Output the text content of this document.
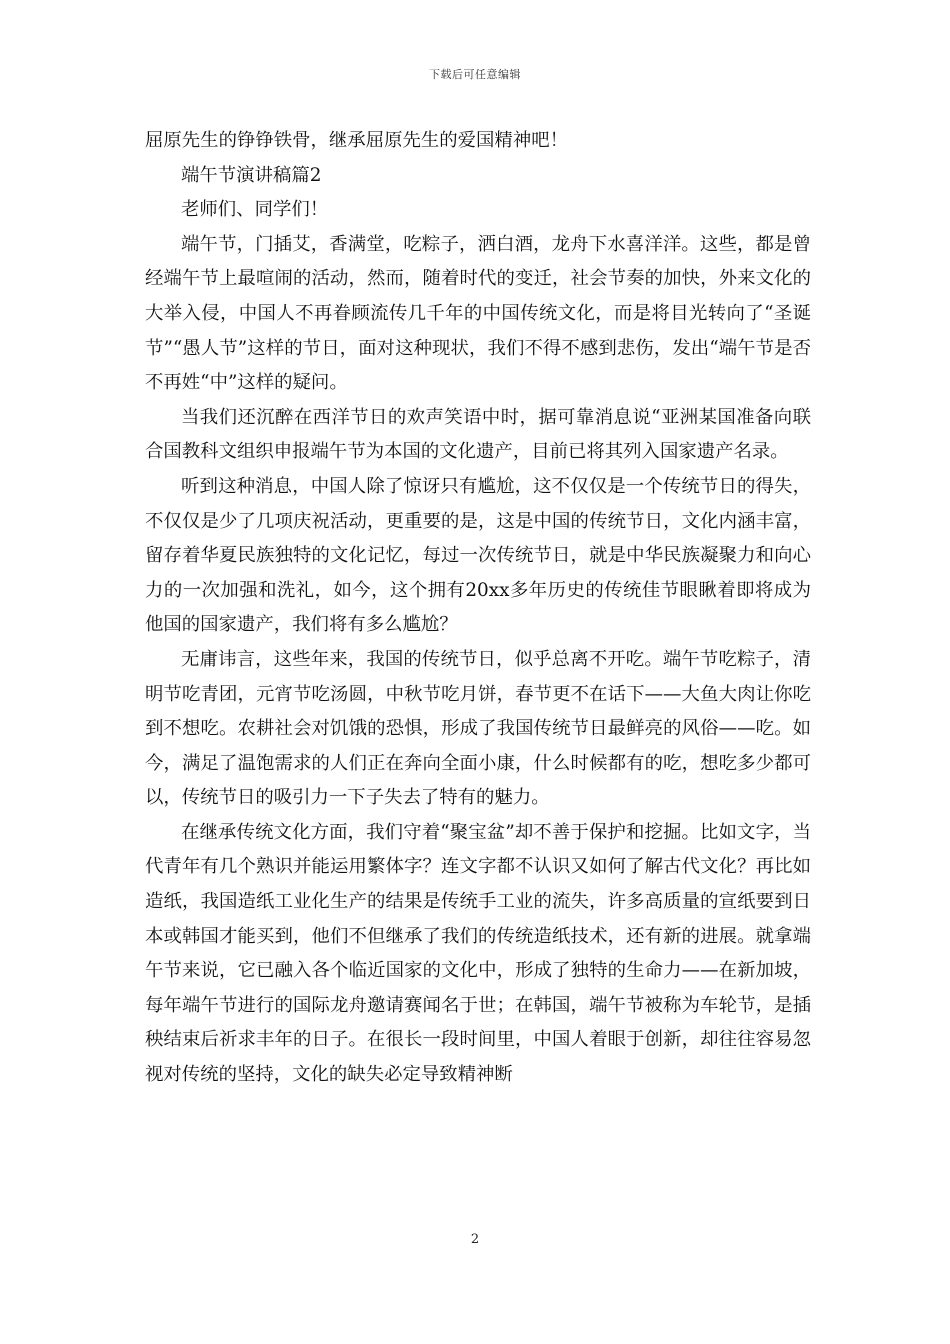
下载后可任意编辑

屈原先生的铮铮铁骨，继承屈原先生的爱国精神吧！

端午节演讲稿篇2

老师们、同学们！

端午节，门插艾，香满堂，吃粽子，洒白酒，龙舟下水喜洋洋。这些，都是曾经端午节上最喧闹的活动，然而，随着时代的变迁，社会节奏的加快，外来文化的大举入侵，中国人不再眷顾流传几千年的中国传统文化，而是将目光转向了“圣诞节”“愚人节”这样的节日，面对这种现状，我们不得不感到悲伤，发出“端午节是否不再姓“中”这样的疑问。

当我们还沉醉在西洋节日的欢声笑语中时，据可靠消息说“亚洲某国准备向联合国教科文组织申报端午节为本国的文化遗产，目前已将其列入国家遗产名录。

听到这种消息，中国人除了惊讶只有尴尬，这不仅仅是一个传统节日的得失，不仅仅是少了几项庆祝活动，更重要的是，这是中国的传统节日，文化内涵丰富，留存着华夏民族独特的文化记忆，每过一次传统节日，就是中华民族凝聚力和向心力的一次加强和洗礼，如今，这个拥有20xx多年历史的传统佳节眼瞅着即将成为他国的国家遗产，我们将有多么尴尬？

无庸讳言，这些年来，我国的传统节日，似乎总离不开吃。端午节吃粽子，清明节吃青团，元宵节吃汤圆，中秋节吃月饼，春节更不在话下——大鱼大肉让你吃到不想吃。农耕社会对饥饿的恐惧，形成了我国传统节日最鲜亮的风俗——吃。如今，满足了温饱需求的人们正在奔向全面小康，什么时候都有的吃，想吃多少都可以，传统节日的吸引力一下子失去了特有的魅力。

在继承传统文化方面，我们守着“聚宝盆”却不善于保护和挖掘。比如文字，当代青年有几个熟识并能运用繁体字？连文字都不认识又如何了解古代文化？再比如造纸，我国造纸工业化生产的结果是传统手工业的流失，许多高质量的宣纸要到日本或韩国才能买到，他们不但继承了我们的传统造纸技术，还有新的进展。就拿端午节来说，它已融入各个临近国家的文化中，形成了独特的生命力——在新加坡，每年端午节进行的国际龙舟邀请赛闻名于世；在韩国，端午节被称为车轮节，是插秧结束后祈求丰年的日子。在很长一段时间里，中国人着眼于创新，却往往容易忽视对传统的坚持，文化的缺失必定导致精神断

2
